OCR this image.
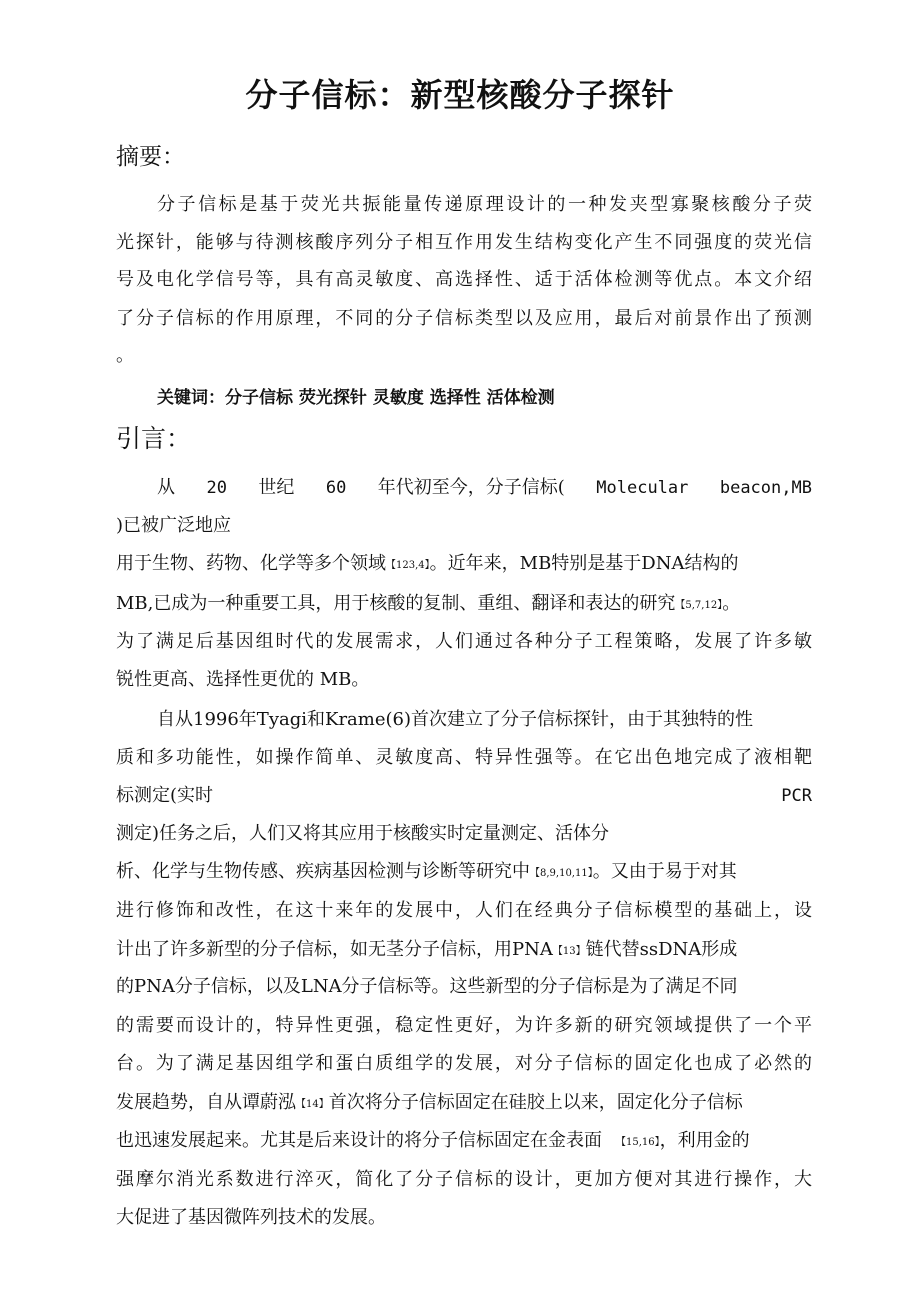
分子信标：新型核酸分子探针
摘要：
分子信标是基于荧光共振能量传递原理设计的一种发夹型寡聚核酸分子荧
光探针，能够与待测核酸序列分子相互作用发生结构变化产生不同强度的荧光信
号及电化学信号等，具有高灵敏度、高选择性、适于活体检测等优点。本文介绍
了分子信标的作用原理，不同的分子信标类型以及应用，最后对前景作出了预测
。
关键词：分子信标 荧光探针 灵敏度 选择性 活体检测
引言：
从 20 世纪 60 年代初至今，分子信标( Molecular beacon,MB
)已被广泛地应
用于生物、药物、化学等多个领域【123,4】。近年来，MB特别是基于DNA结构的
MB,已成为一种重要工具，用于核酸的复制、重组、翻译和表达的研究【5,7,12】。
为了满足后基因组时代的发展需求，人们通过各种分子工程策略，发展了许多敏
锐性更高、选择性更优的 MB。
自从1996年Tyagi和Krame(6)首次建立了分子信标探针，由于其独特的性
质和多功能性，如操作简单、灵敏度高、特异性强等。在它出色地完成了液相靶
标测定(实时	PCR
测定)任务之后，人们又将其应用于核酸实时定量测定、活体分
析、化学与生物传感、疾病基因检测与诊断等研究中【8,9,10,11】。又由于易于对其
进行修饰和改性，在这十来年的发展中，人们在经典分子信标模型的基础上，设
计出了许多新型的分子信标，如无茎分子信标，用PNA【13】链代替ssDNA形成
的PNA分子信标，以及LNA分子信标等。这些新型的分子信标是为了满足不同
的需要而设计的，特异性更强，稳定性更好，为许多新的研究领域提供了一个平
台。为了满足基因组学和蛋白质组学的发展，对分子信标的固定化也成了必然的
发展趋势，自从谭蔚泓【14】首次将分子信标固定在硅胶上以来，固定化分子信标
也迅速发展起来。尤其是后来设计的将分子信标固定在金表面 【15,16】，利用金的
强摩尔消光系数进行淬灭，简化了分子信标的设计，更加方便对其进行操作，大
大促进了基因微阵列技术的发展。
